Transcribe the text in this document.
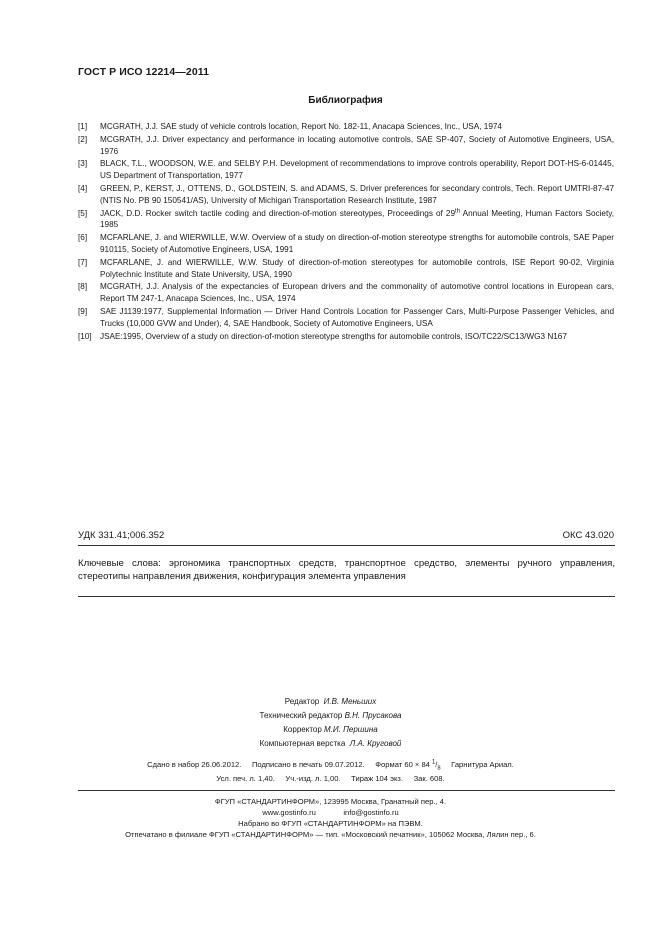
ГОСТ Р ИСО 12214—2011
Библиография
[1]	MCGRATH, J.J. SAE study of vehicle controls location, Report No. 182-11, Anacapa Sciences, Inc., USA, 1974
[2]	MCGRATH, J.J. Driver expectancy and performance in locating automotive controls, SAE SP-407, Society of Automotive Engineers, USA, 1976
[3]	BLACK, T.L., WOODSON, W.E. and SELBY P.H. Development of recommendations to improve controls operability, Report DOT-HS-6-01445, US Department of Transportation, 1977
[4]	GREEN, P., KERST, J., OTTENS, D., GOLDSTEIN, S. and ADAMS, S. Driver preferences for secondary controls, Tech. Report UMTRI-87-47 (NTIS No. PB 90 150541/AS), University of Michigan Transportation Research Institute, 1987
[5]	JACK, D.D. Rocker switch tactile coding and direction-of-motion stereotypes, Proceedings of 29th Annual Meeting, Human Factors Society, 1985
[6]	MCFARLANE, J. and WIERWILLE, W.W. Overview of a study on direction-of-motion stereotype strengths for automobile controls, SAE Paper 910115, Society of Automotive Engineers, USA, 1991
[7]	MCFARLANE, J. and WIERWILLE, W.W. Study of direction-of-motion stereotypes for automobile controls, ISE Report 90-02, Virginia Polytechnic Institute and State University, USA, 1990
[8]	MCGRATH, J.J. Analysis of the expectancies of European drivers and the commonality of automotive control locations in European cars, Report TM 247-1, Anacapa Sciences, Inc., USA, 1974
[9]	SAE J1139:1977, Supplemental Information — Driver Hand Controls Location for Passenger Cars, Multi-Purpose Passenger Vehicles, and Trucks (10,000 GVW and Under), 4, SAE Handbook, Society of Automotive Engineers, USA
[10]	JSAE:1995, Overview of a study on direction-of-motion stereotype strengths for automobile controls, ISO/TC22/SC13/WG3 N167
УДК 331.41;006.352	ОКС 43.020
Ключевые слова: эргономика транспортных средств, транспортное средство, элементы ручного управления, стереотипы направления движения, конфигурация элемента управления
Редактор И.В. Меньших
Технический редактор В.Н. Прусакова
Корректор М.И. Першина
Компьютерная верстка Л.А. Круговой
Сдано в набор 26.06.2012. Подписано в печать 09.07.2012. Формат 60 × 84 $^1/_8$ Гарнитура Ариал.
Усл. печ. л. 1,40. Уч.-изд. л. 1,00. Тираж 104 экз. Зак. 608.
ФГУП «СТАНДАРТИНФОРМ», 123995 Москва, Гранатный пер., 4.
www.gostinfo.ru	info@gostinfo.ru
Набрано во ФГУП «СТАНДАРТИНФОРМ» на ПЭВМ.
Отпечатано в филиале ФГУП «СТАНДАРТИНФОРМ» — тип. «Московский печатник», 105062 Москва, Лялин пер., 6.
